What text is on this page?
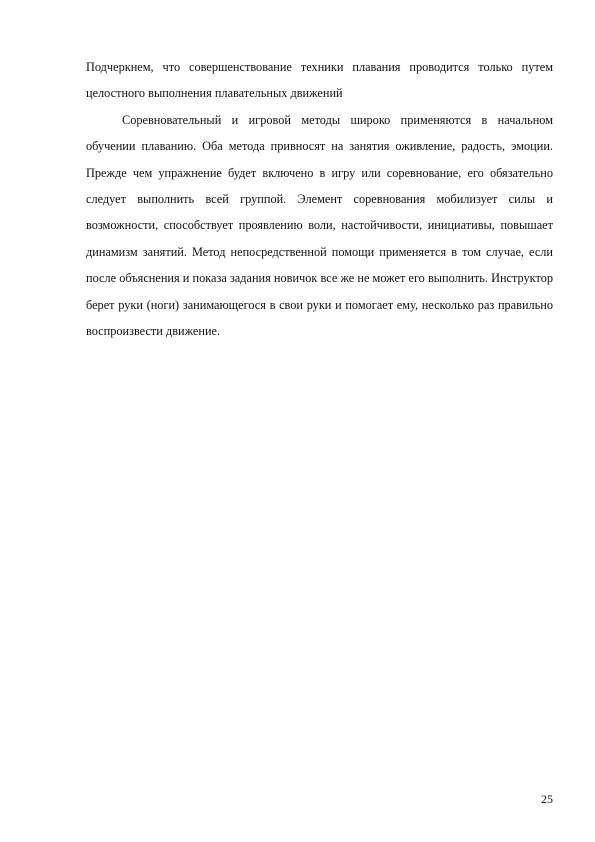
Подчеркнем, что совершенствование техники плавания проводится только путем целостного выполнения плавательных движений

Соревновательный и игровой методы широко применяются в начальном обучении плаванию. Оба метода привносят на занятия оживление, радость, эмоции. Прежде чем упражнение будет включено в игру или соревнование, его обязательно следует выполнить всей группой. Элемент соревнования мобилизует силы и возможности, способствует проявлению воли, настойчивости, инициативы, повышает динамизм занятий. Метод непосредственной помощи применяется в том случае, если после объяснения и показа задания новичок все же не может его выполнить. Инструктор берет руки (ноги) занимающегося в свои руки и помогает ему, несколько раз правильно воспроизвести движение.

25
